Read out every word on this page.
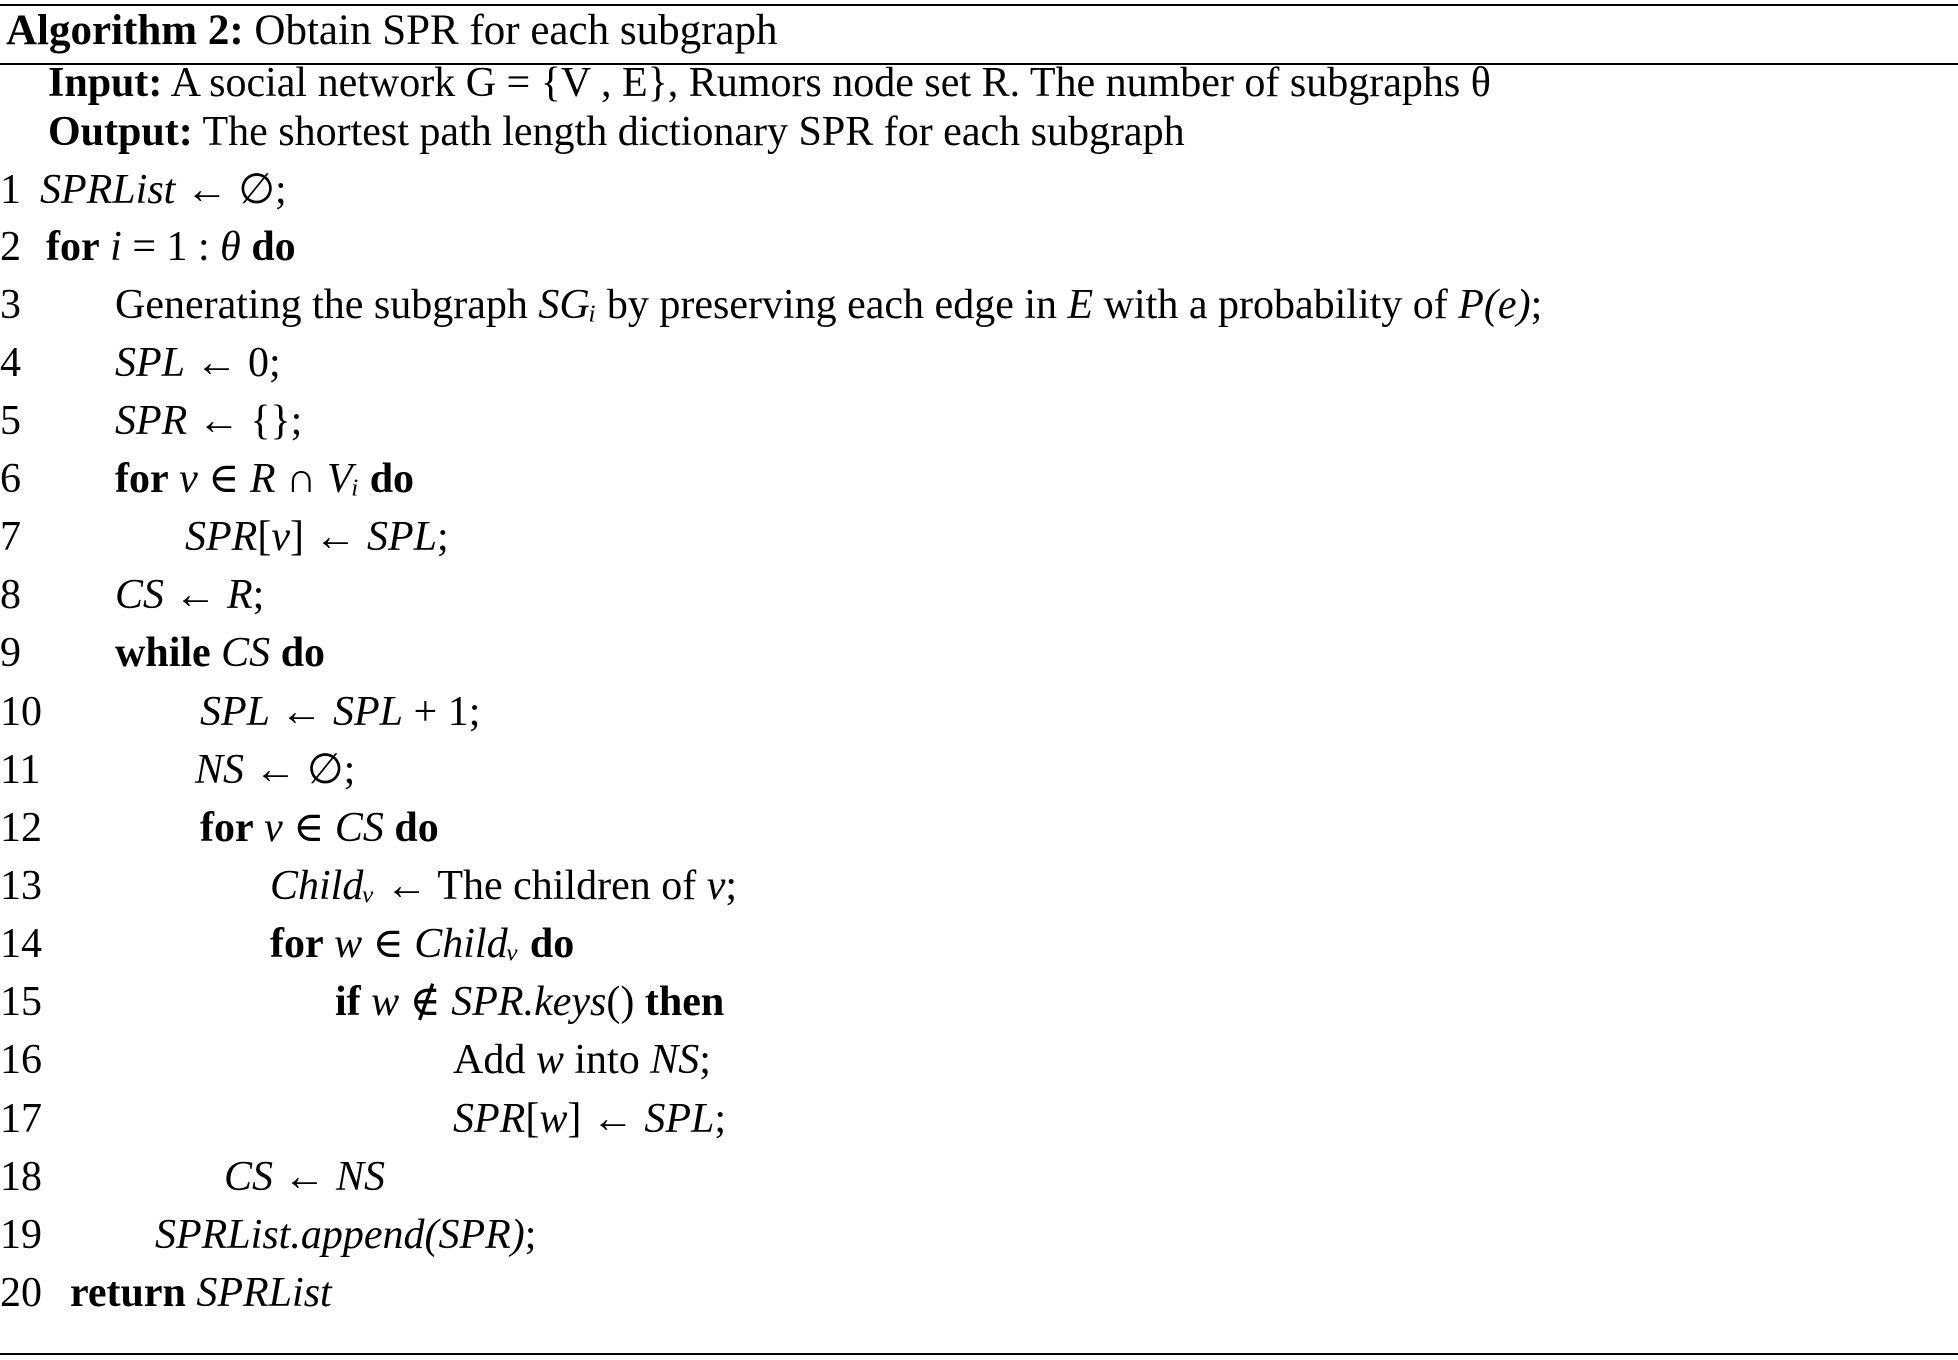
Algorithm 2: Obtain SPR for each subgraph
Input: A social network G = {V , E}, Rumors node set R. The number of subgraphs θ
Output: The shortest path length dictionary SPR for each subgraph
1 SPRList ← ∅;
2 for i = 1 : θ do
3	Generating the subgraph SGᵢ by preserving each edge in E with a probability of P(e);
4	SPL ← 0;
5	SPR ← {};
6	for v ∈ R ∩ Vᵢ do
7	SPR[v] ← SPL;
8	CS ← R;
9	while CS do
10	SPL ← SPL + 1;
11	NS ← ∅;
12	for v ∈ CS do
13	Childᵥ ← The children of v;
14	for w ∈ Childᵥ do
15	if w ∉ SPR.keys() then
16	Add w into NS;
17	SPR[w] ← SPL;
18	CS ← NS
19	SPRList.append(SPR);
20 return SPRList
